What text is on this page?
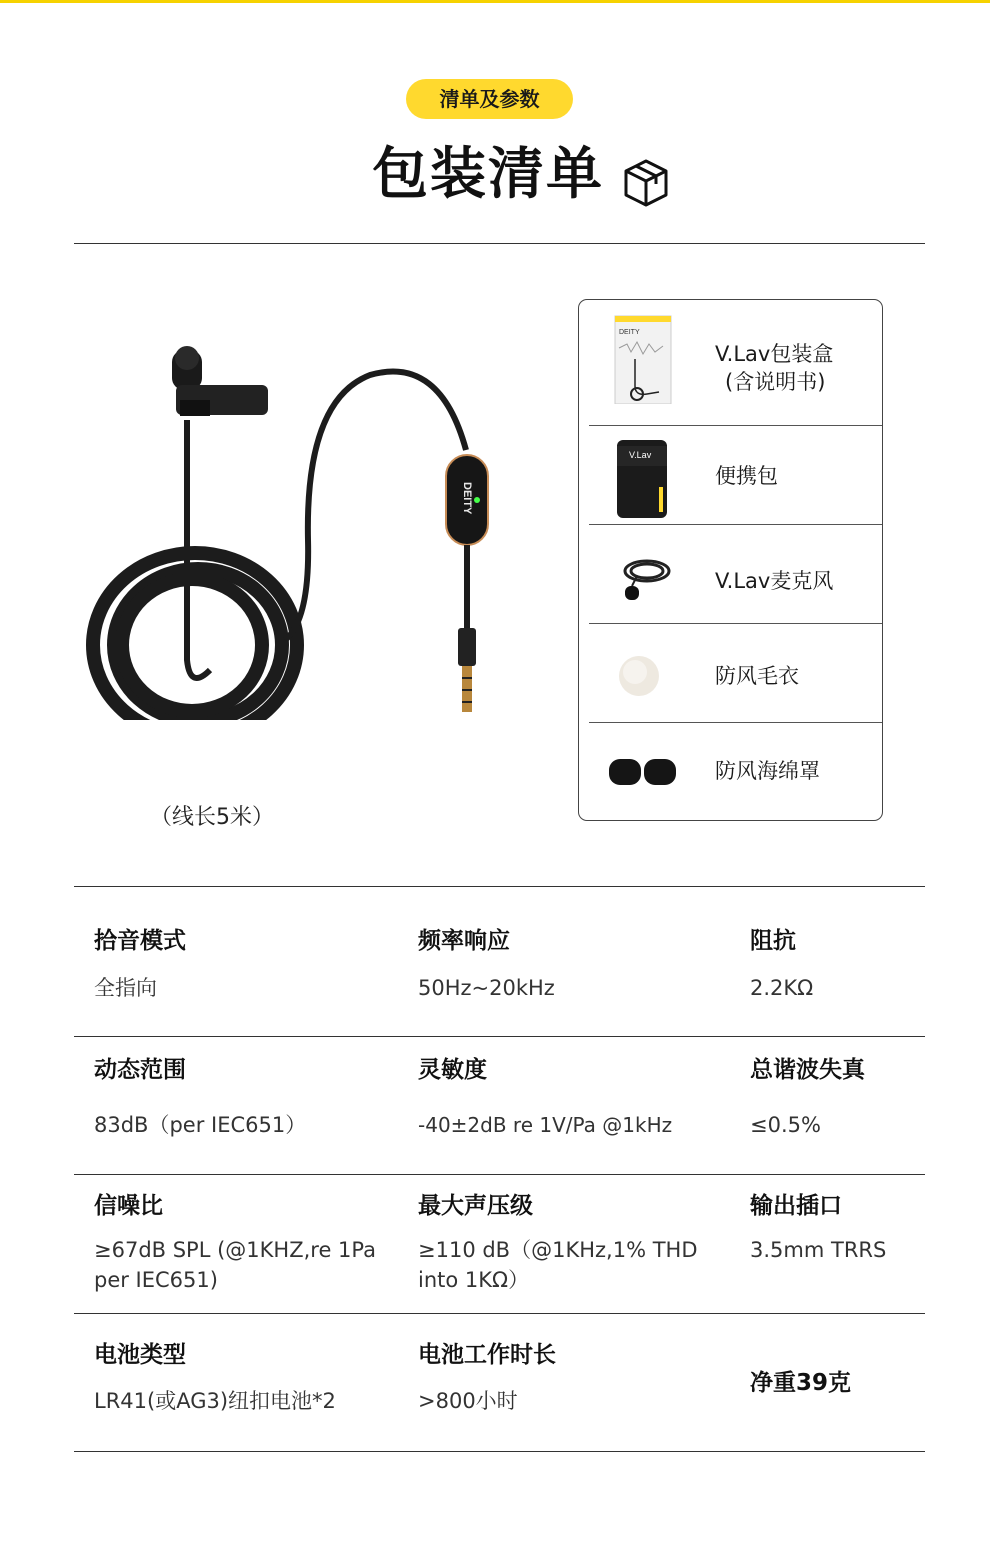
清单及参数
包装清单
DEITY
（线长5米）
DEITY
V.Lav包装盒
(含说明书)
V.Lav
便携包
V.Lav麦克风
防风毛衣
防风海绵罩
拾音模式
全指向
频率响应
50Hz~20kHz
阻抗
2.2KΩ
动态范围
83dB（per IEC651）
灵敏度
-40±2dB re 1V/Pa @1kHz
总谐波失真
≤0.5%
信噪比
≥67dB SPL (@1KHZ,re 1Pa per IEC651)
最大声压级
≥110 dB（@1KHz,1% THD into 1KΩ）
输出插口
3.5mm TRRS
电池类型
LR41(或AG3)纽扣电池*2
电池工作时长
>800小时
净重39克
